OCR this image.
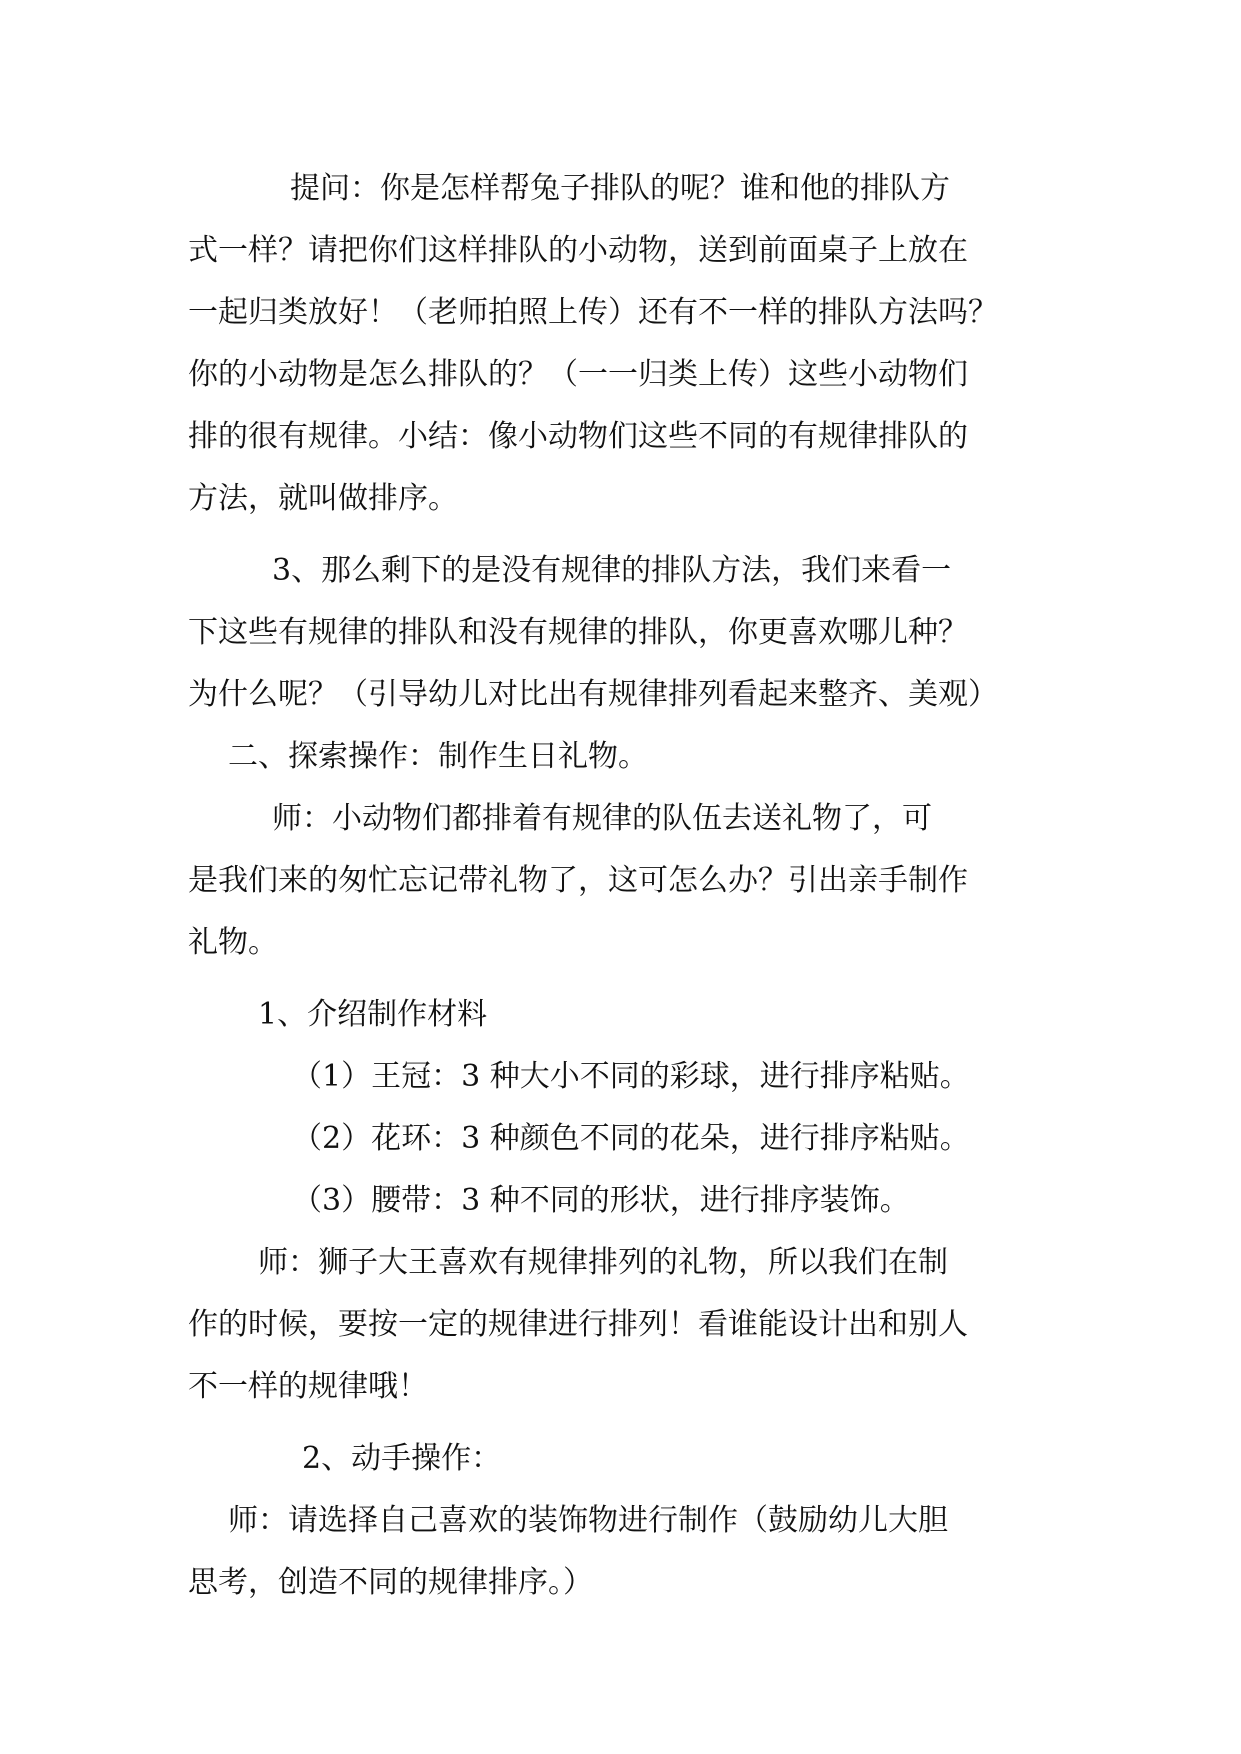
提问：你是怎样帮兔子排队的呢？谁和他的排队方
式一样？请把你们这样排队的小动物，送到前面桌子上放在
一起归类放好！（老师拍照上传）还有不一样的排队方法吗？
你的小动物是怎么排队的？（一一归类上传）这些小动物们
排的很有规律。小结：像小动物们这些不同的有规律排队的
方法，就叫做排序。
3、那么剩下的是没有规律的排队方法，我们来看一
下这些有规律的排队和没有规律的排队，你更喜欢哪儿种？
为什么呢？（引导幼儿对比出有规律排列看起来整齐、美观）
二、探索操作：制作生日礼物。
师：小动物们都排着有规律的队伍去送礼物了，可
是我们来的匆忙忘记带礼物了，这可怎么办？引出亲手制作
礼物。
1、介绍制作材料
（1）王冠：3 种大小不同的彩球，进行排序粘贴。
（2）花环：3 种颜色不同的花朵，进行排序粘贴。
（3）腰带：3 种不同的形状，进行排序装饰。
师：狮子大王喜欢有规律排列的礼物，所以我们在制
作的时候，要按一定的规律进行排列！看谁能设计出和别人
不一样的规律哦！
2、动手操作：
师：请选择自己喜欢的装饰物进行制作（鼓励幼儿大胆
思考，创造不同的规律排序。）
